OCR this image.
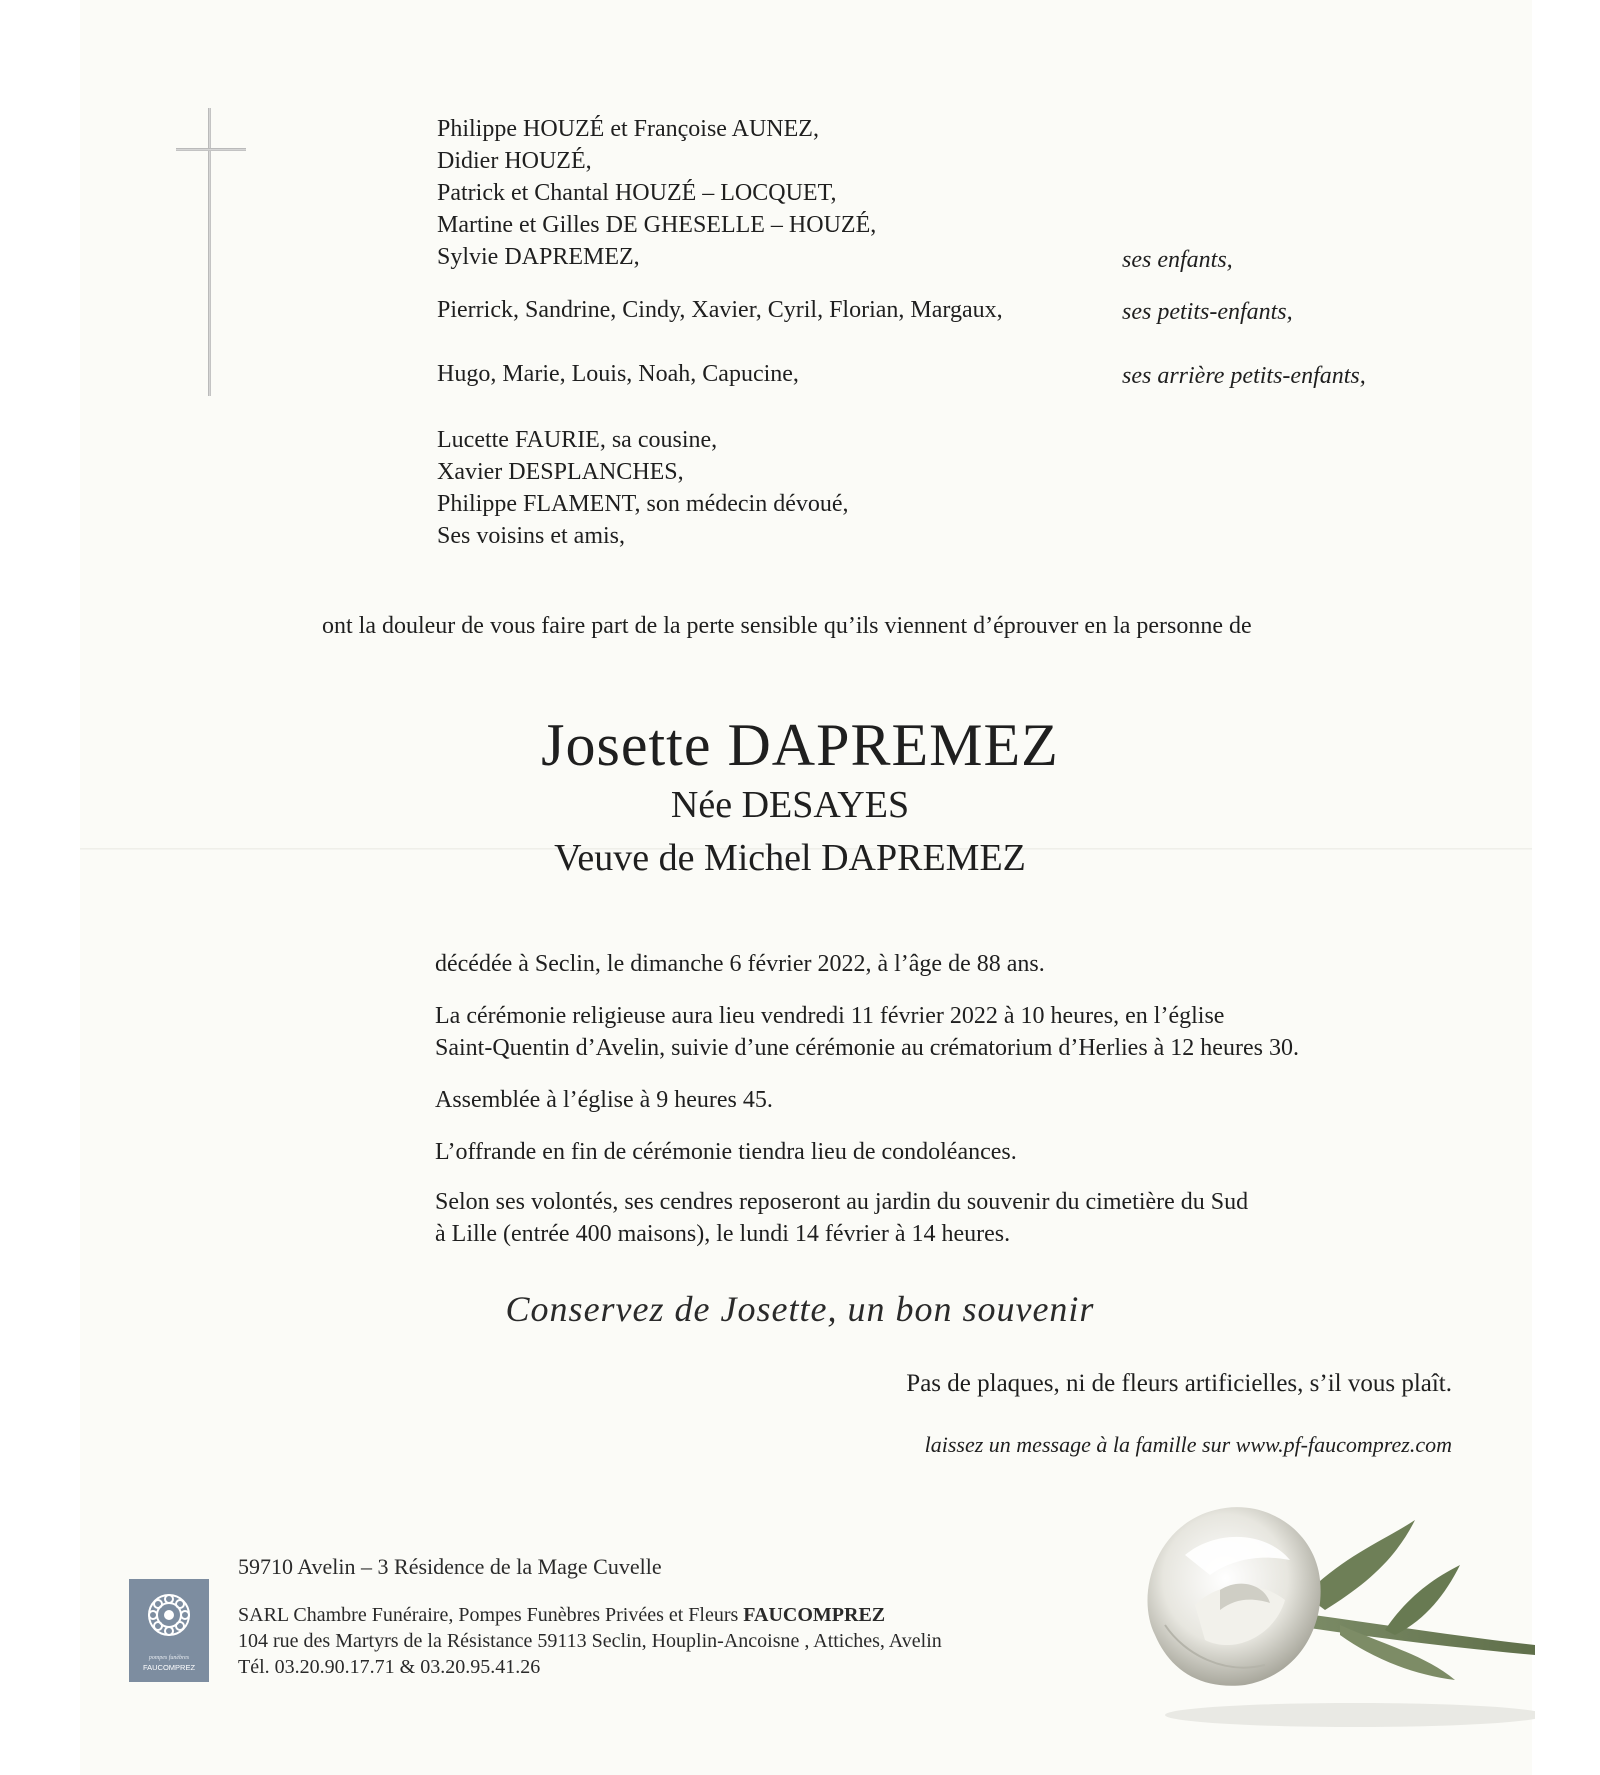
Philippe HOUZÉ et Françoise AUNEZ,
Didier HOUZÉ,
Patrick et Chantal HOUZÉ – LOCQUET,
Martine et Gilles DE GHESELLE – HOUZÉ,
Sylvie DAPREMEZ,	ses enfants,
Pierrick, Sandrine, Cindy, Xavier, Cyril, Florian, Margaux,	ses petits-enfants,
Hugo, Marie, Louis, Noah, Capucine,	ses arrière petits-enfants,
Lucette FAURIE, sa cousine,
Xavier DESPLANCHES,
Philippe FLAMENT, son médecin dévoué,
Ses voisins et amis,
ont la douleur de vous faire part de la perte sensible qu’ils viennent d’éprouver en la personne de
Josette DAPREMEZ
Née DESAYES
Veuve de Michel DAPREMEZ
décédée à Seclin, le dimanche 6 février 2022, à l’âge de 88 ans.
La cérémonie religieuse aura lieu vendredi 11 février 2022 à 10 heures, en l’église
Saint-Quentin d’Avelin, suivie d’une cérémonie au crématorium d’Herlies à 12 heures 30.
Assemblée à l’église à 9 heures 45.
L’offrande en fin de cérémonie tiendra lieu de condoléances.
Selon ses volontés, ses cendres reposeront au jardin du souvenir du cimetière du Sud
à Lille (entrée 400 maisons), le lundi 14 février à 14 heures.
Conservez de Josette, un bon souvenir
Pas de plaques, ni de fleurs artificielles, s’il vous plaît.
laissez un message à la famille sur www.pf-faucomprez.com
59710 Avelin – 3 Résidence de la Mage Cuvelle
SARL Chambre Funéraire, Pompes Funèbres Privées et Fleurs FAUCOMPREZ
104 rue des Martyrs de la Résistance 59113 Seclin, Houplin-Ancoisne , Attiches, Avelin
Tél. 03.20.90.17.71 & 03.20.95.41.26
pompes funèbres
FAUCOMPREZ
